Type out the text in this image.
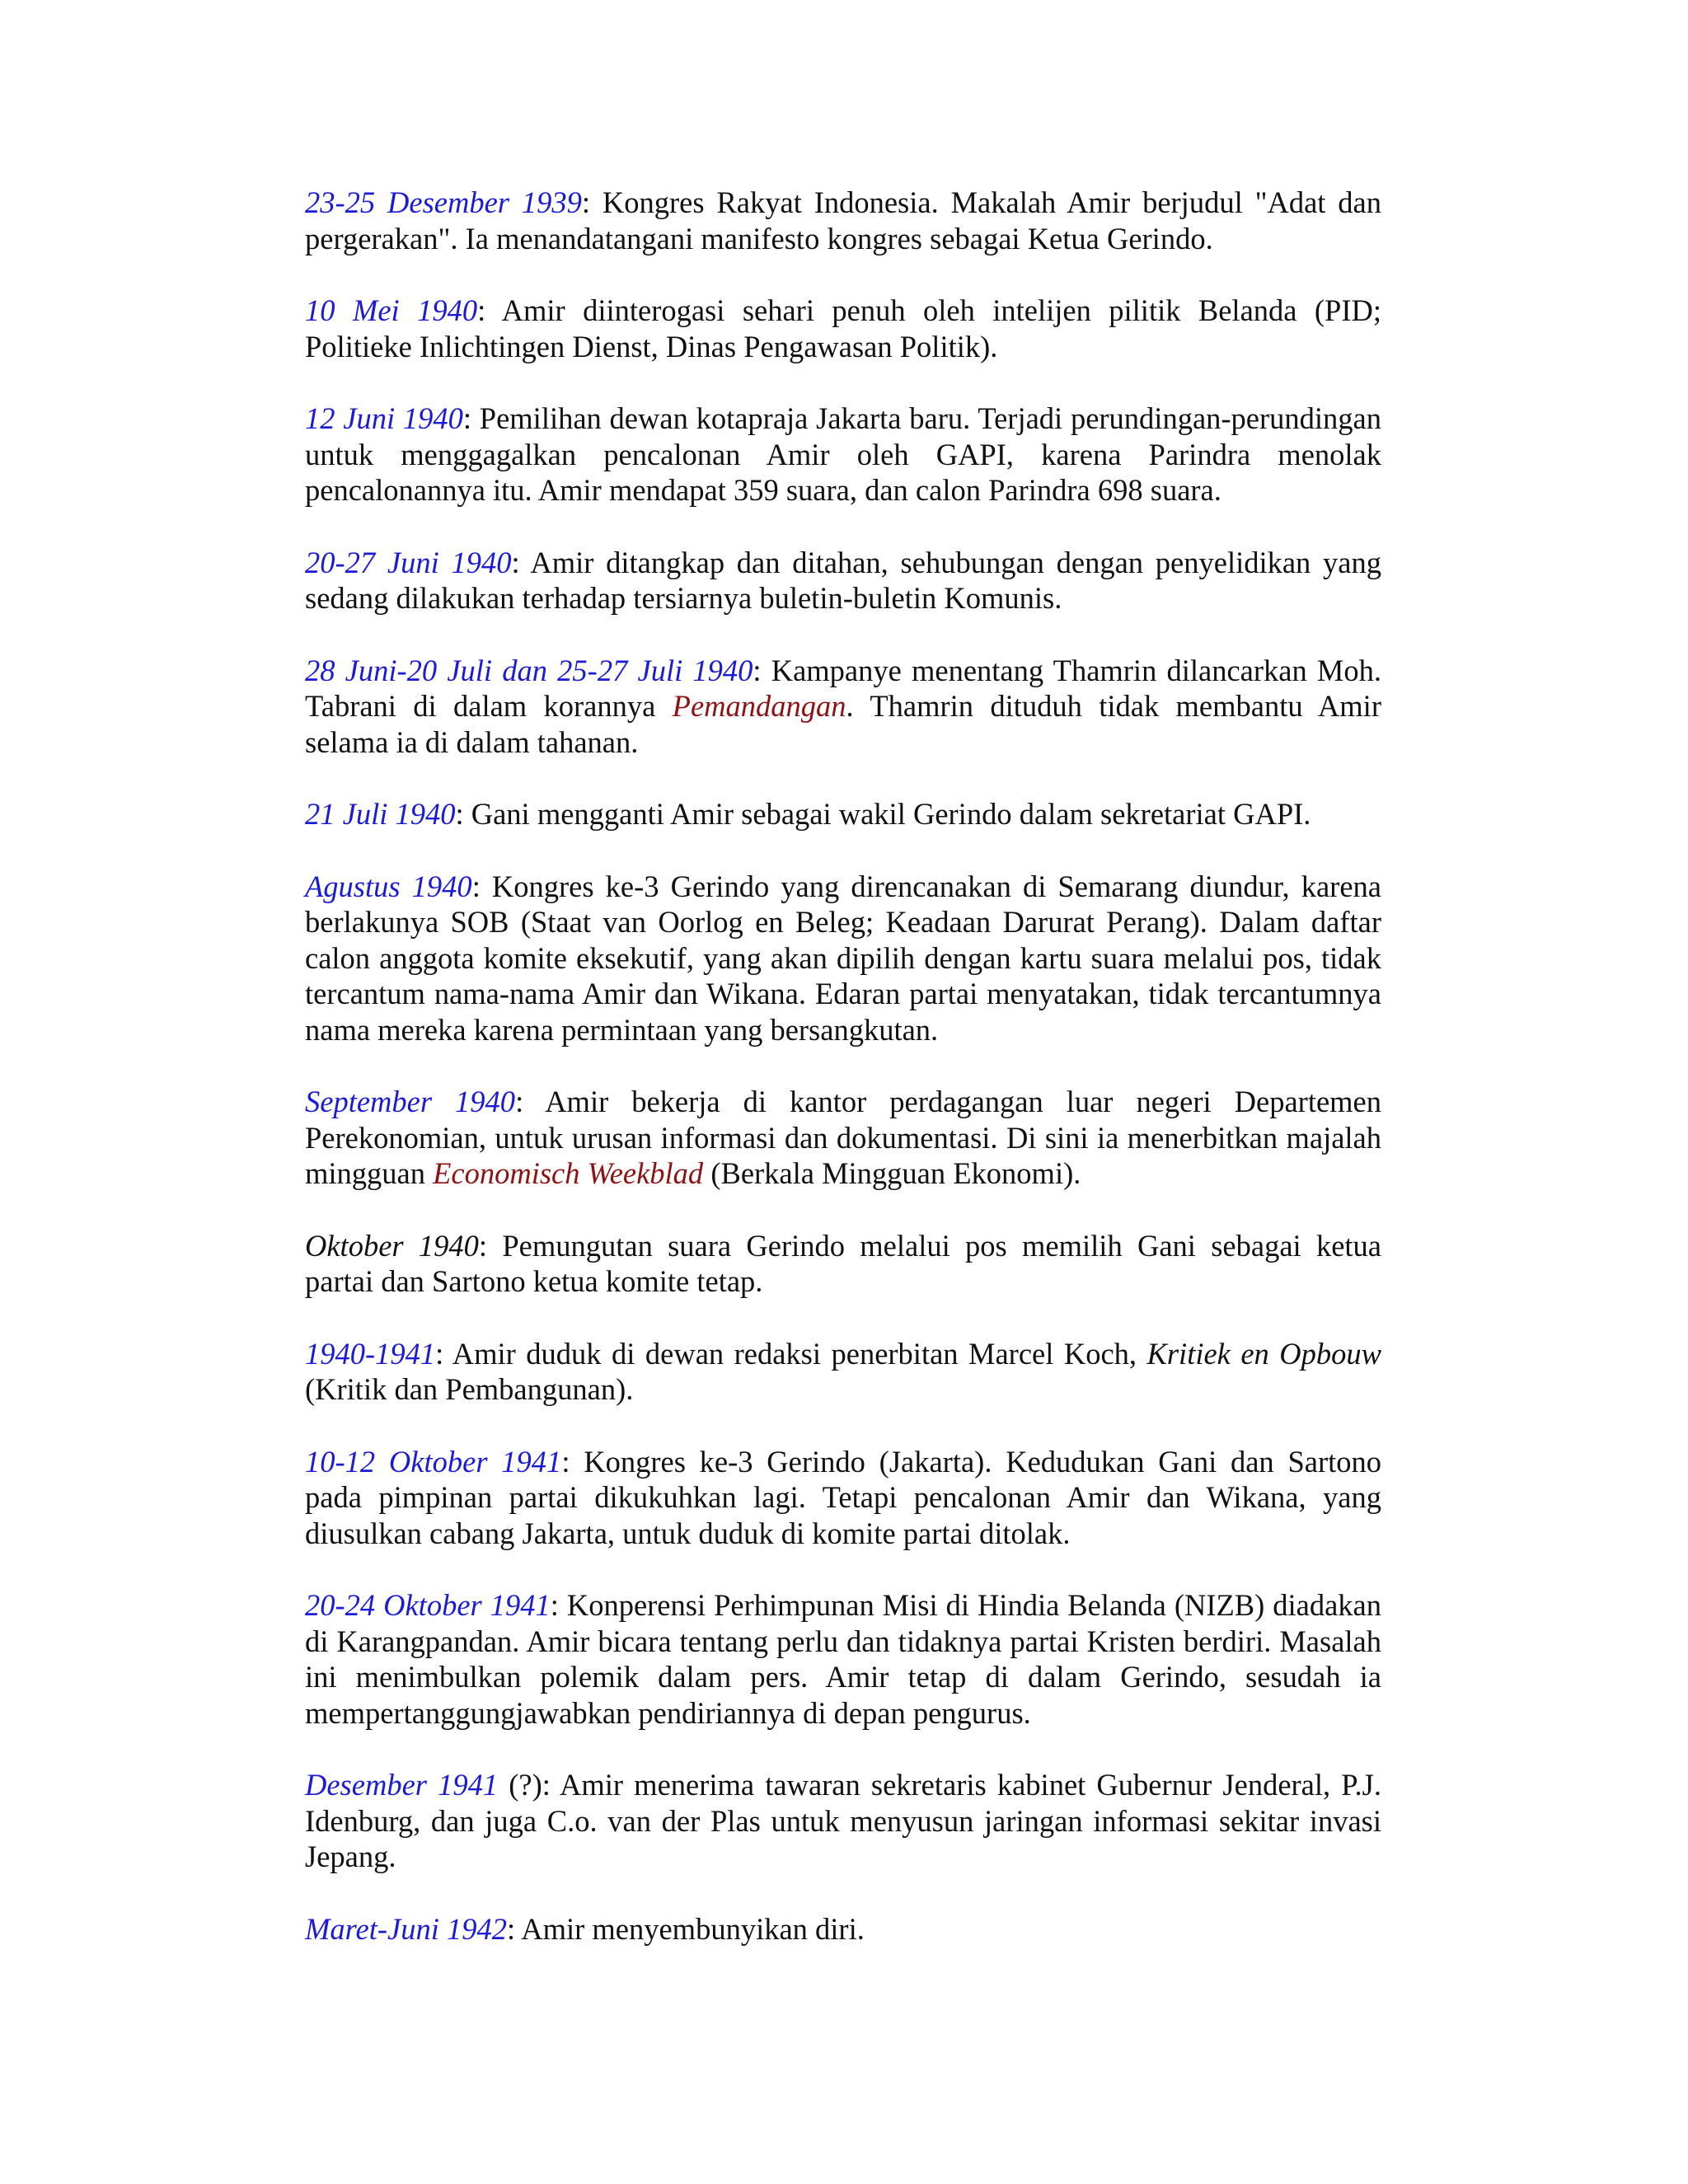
23-25 Desember 1939: Kongres Rakyat Indonesia. Makalah Amir berjudul "Adat dan pergerakan". Ia menandatangani manifesto kongres sebagai Ketua Gerindo.

10 Mei 1940: Amir diinterogasi sehari penuh oleh intelijen pilitik Belanda (PID; Politieke Inlichtingen Dienst, Dinas Pengawasan Politik).

12 Juni 1940: Pemilihan dewan kotapraja Jakarta baru. Terjadi perundingan-perundingan untuk menggagalkan pencalonan Amir oleh GAPI, karena Parindra menolak pencalonannya itu. Amir mendapat 359 suara, dan calon Parindra 698 suara.

20-27 Juni 1940: Amir ditangkap dan ditahan, sehubungan dengan penyelidikan yang sedang dilakukan terhadap tersiarnya buletin-buletin Komunis.

28 Juni-20 Juli dan 25-27 Juli 1940: Kampanye menentang Thamrin dilancarkan Moh. Tabrani di dalam korannya Pemandangan. Thamrin dituduh tidak membantu Amir selama ia di dalam tahanan.

21 Juli 1940: Gani mengganti Amir sebagai wakil Gerindo dalam sekretariat GAPI.

Agustus 1940: Kongres ke-3 Gerindo yang direncanakan di Semarang diundur, karena berlakunya SOB (Staat van Oorlog en Beleg; Keadaan Darurat Perang). Dalam daftar calon anggota komite eksekutif, yang akan dipilih dengan kartu suara melalui pos, tidak tercantum nama-nama Amir dan Wikana. Edaran partai menyatakan, tidak tercantumnya nama mereka karena permintaan yang bersangkutan.

September 1940: Amir bekerja di kantor perdagangan luar negeri Departemen Perekonomian, untuk urusan informasi dan dokumentasi. Di sini ia menerbitkan majalah mingguan Economisch Weekblad (Berkala Mingguan Ekonomi).

Oktober 1940: Pemungutan suara Gerindo melalui pos memilih Gani sebagai ketua partai dan Sartono ketua komite tetap.

1940-1941: Amir duduk di dewan redaksi penerbitan Marcel Koch, Kritiek en Opbouw (Kritik dan Pembangunan).

10-12 Oktober 1941: Kongres ke-3 Gerindo (Jakarta). Kedudukan Gani dan Sartono pada pimpinan partai dikukuhkan lagi. Tetapi pencalonan Amir dan Wikana, yang diusulkan cabang Jakarta, untuk duduk di komite partai ditolak.

20-24 Oktober 1941: Konperensi Perhimpunan Misi di Hindia Belanda (NIZB) diadakan di Karangpandan. Amir bicara tentang perlu dan tidaknya partai Kristen berdiri. Masalah ini menimbulkan polemik dalam pers. Amir tetap di dalam Gerindo, sesudah ia mempertanggungjawabkan pendiriannya di depan pengurus.

Desember 1941 (?): Amir menerima tawaran sekretaris kabinet Gubernur Jenderal, P.J. Idenburg, dan juga C.o. van der Plas untuk menyusun jaringan informasi sekitar invasi Jepang.

Maret-Juni 1942: Amir menyembunyikan diri.
